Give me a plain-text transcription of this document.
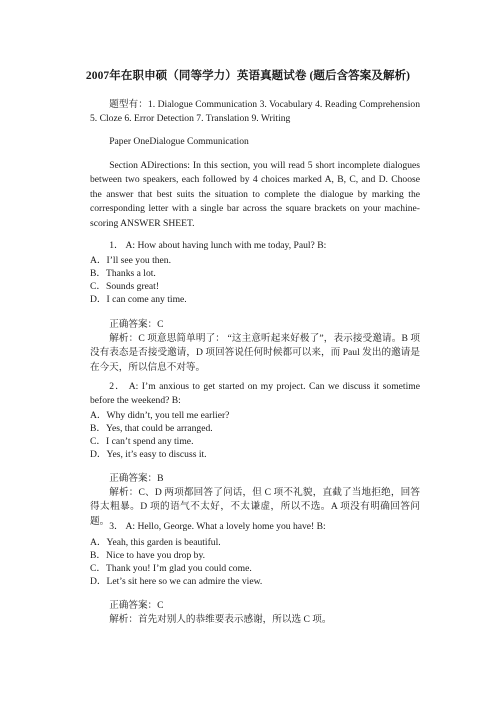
2007年在职申硕（同等学力）英语真题试卷 (题后含答案及解析)

题型有：1. Dialogue Communication 3. Vocabulary 4. Reading Comprehension 5. Cloze 6. Error Detection 7. Translation 9. Writing

Paper OneDialogue Communication

Section ADirections: In this section, you will read 5 short incomplete dialogues between two speakers, each followed by 4 choices marked A, B, C, and D. Choose the answer that best suits the situation to complete the dialogue by marking the corresponding letter with a single bar across the square brackets on your machine-scoring ANSWER SHEET.

1． A: How about having lunch with me today, Paul? B:

A．I’ll see you then.
B．Thanks a lot.
C．Sounds great!
D．I can come any time.

正确答案：C

解析：C 项意思简单明了： “这主意听起来好极了”，表示接受邀请。B 项没有表态是否接受邀请，D 项回答说任何时候都可以来，而 Paul 发出的邀请是在今天，所以信息不对等。

2． A: I’m anxious to get started on my project. Can we discuss it sometime before the weekend? B:

A．Why didn’t, you tell me earlier?
B．Yes, that could be arranged.
C．I can’t spend any time.
D．Yes, it’s easy to discuss it.

正确答案：B

解析：C、D 两项都回答了问话，但 C 项不礼貌，直截了当地拒绝，回答得太粗暴。D 项的语气不太好，不太谦虚，所以不选。A 项没有明确回答问题。 3． A: Hello, George. What a lovely home you have! B:

A．Yeah, this garden is beautiful.
B．Nice to have you drop by.
C．Thank you! I’m glad you could come.
D．Let’s sit here so we can admire the view.

正确答案：C

解析：首先对别人的恭维要表示感谢，所以选 C 项。
